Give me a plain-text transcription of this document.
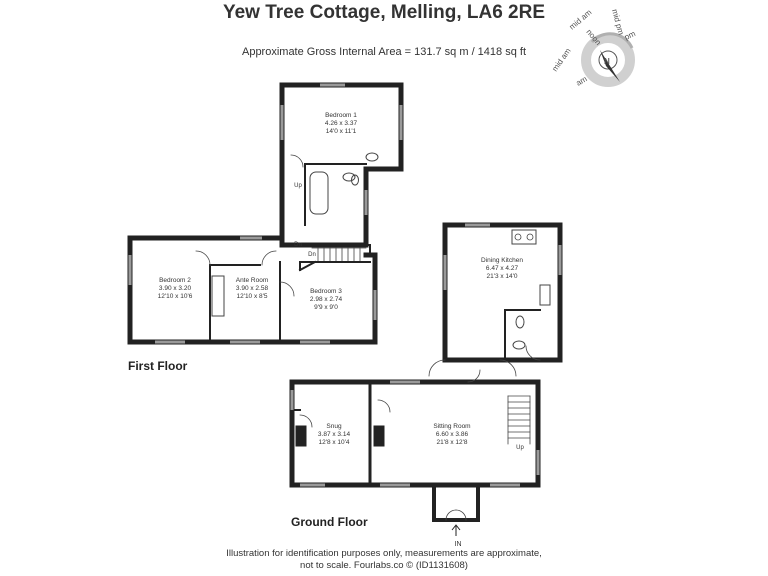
Yew Tree Cottage, Melling, LA6 2RE
Approximate Gross Internal Area = 131.7 sq m / 1418 sq ft
N
mid am
noon
mid pm
pm
mid am
am
Bedroom 1
4.26 x 3.37
14'0 x 11'1
Bedroom 2
3.90 x 3.20
12'10 x 10'6
Ante Room
3.90 x 2.58
12'10 x 8'5
Bedroom 3
2.98 x 2.74
9'9 x 9'0
Dining Kitchen
6.47 x 4.27
21'3 x 14'0
Snug
3.87 x 3.14
12'8 x 10'4
Sitting Room
6.60 x 3.86
21'8 x 12'8
Up
Dn
Dn
Up
IN
First Floor
Ground Floor
Illustration for identification purposes only, measurements are approximate,
not to scale. Fourlabs.co © (ID1131608)
